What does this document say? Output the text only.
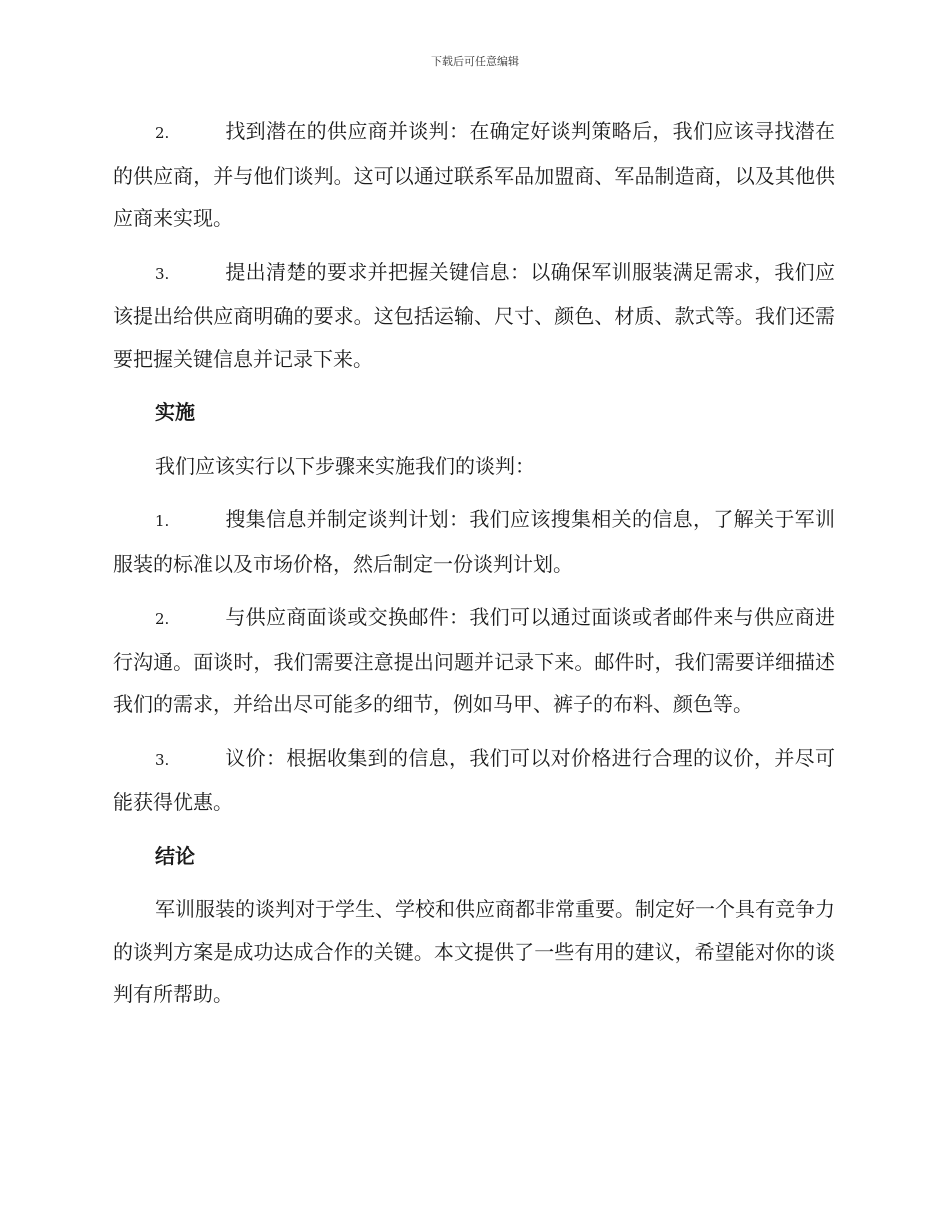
下载后可任意编辑
2.	找到潜在的供应商并谈判：在确定好谈判策略后，我们应该寻找潜在的供应商，并与他们谈判。这可以通过联系军品加盟商、军品制造商，以及其他供应商来实现。
3.	提出清楚的要求并把握关键信息：以确保军训服装满足需求，我们应该提出给供应商明确的要求。这包括运输、尺寸、颜色、材质、款式等。我们还需要把握关键信息并记录下来。
实施
我们应该实行以下步骤来实施我们的谈判：
1.	搜集信息并制定谈判计划：我们应该搜集相关的信息，了解关于军训服装的标准以及市场价格，然后制定一份谈判计划。
2.	与供应商面谈或交换邮件：我们可以通过面谈或者邮件来与供应商进行沟通。面谈时，我们需要注意提出问题并记录下来。邮件时，我们需要详细描述我们的需求，并给出尽可能多的细节，例如马甲、裤子的布料、颜色等。
3.	议价：根据收集到的信息，我们可以对价格进行合理的议价，并尽可能获得优惠。
结论
军训服装的谈判对于学生、学校和供应商都非常重要。制定好一个具有竞争力的谈判方案是成功达成合作的关键。本文提供了一些有用的建议，希望能对你的谈判有所帮助。
